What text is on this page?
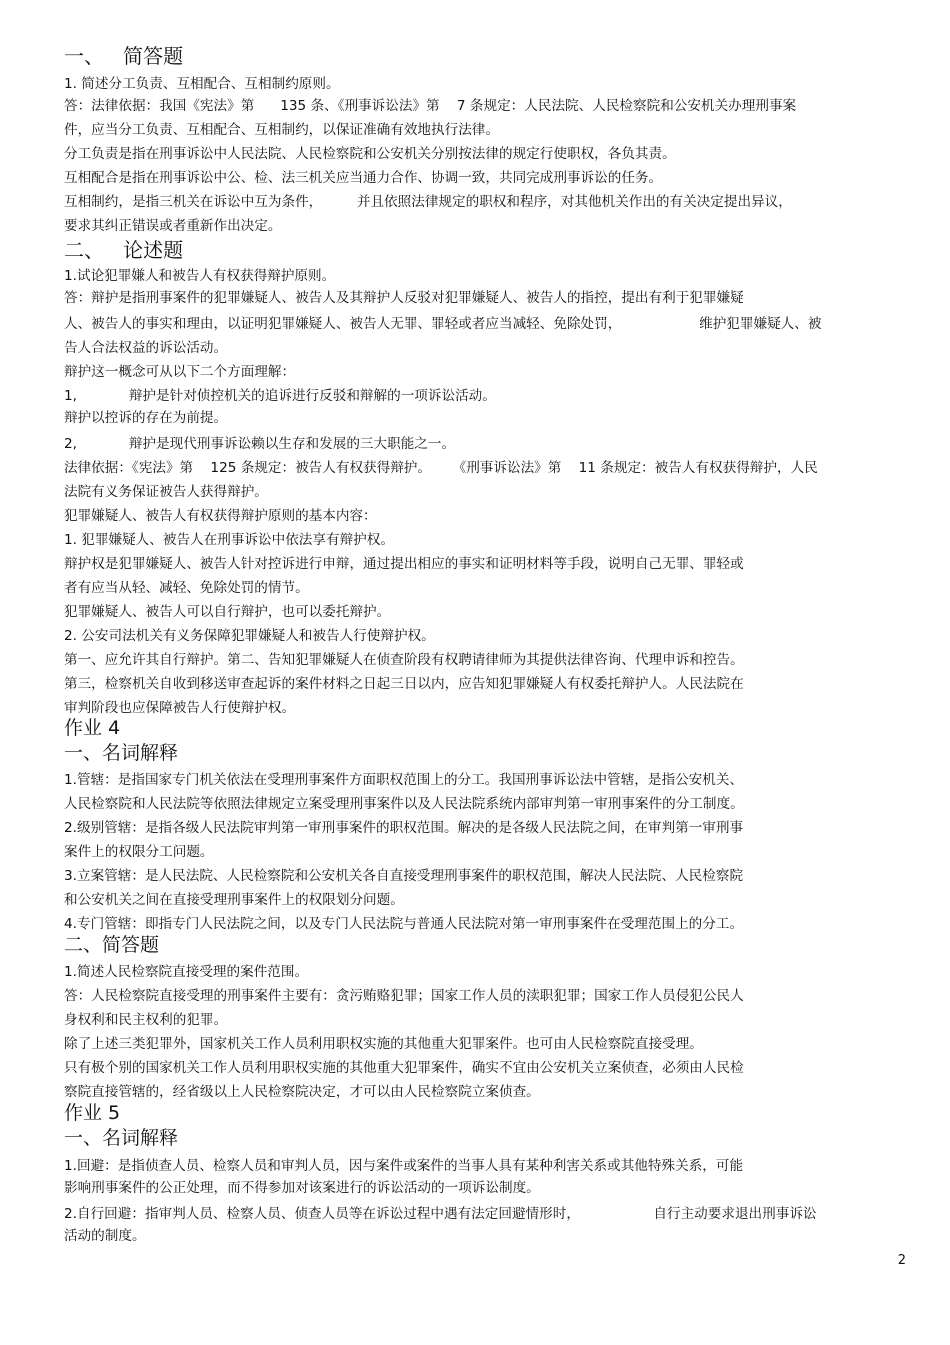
一、   简答题
1. 简述分工负责、互相配合、互相制约原则。
答：法律依据：我国《宪法》第      135 条、《刑事诉讼法》第    7 条规定：人民法院、人民检察院和公安机关办理刑事案
件，应当分工负责、互相配合、互相制约，以保证准确有效地执行法律。
分工负责是指在刑事诉讼中人民法院、人民检察院和公安机关分别按法律的规定行使职权，各负其责。
互相配合是指在刑事诉讼中公、检、法三机关应当通力合作、协调一致，共同完成刑事诉讼的任务。
互相制约，是指三机关在诉讼中互为条件，        并且依照法律规定的职权和程序，对其他机关作出的有关决定提出异议，
要求其纠正错误或者重新作出决定。
二、   论述题
1.试论犯罪嫌人和被告人有权获得辩护原则。
答：辩护是指刑事案件的犯罪嫌疑人、被告人及其辩护人反驳对犯罪嫌疑人、被告人的指控，提出有利于犯罪嫌疑
人、被告人的事实和理由，以证明犯罪嫌疑人、被告人无罪、罪轻或者应当减轻、免除处罚，                  维护犯罪嫌疑人、被
告人合法权益的诉讼活动。
辩护这一概念可从以下二个方面理解：
1,            辩护是针对侦控机关的追诉进行反驳和辩解的一项诉讼活动。
辩护以控诉的存在为前提。
2,            辩护是现代刑事诉讼赖以生存和发展的三大职能之一。
法律依据：《宪法》第    125 条规定：被告人有权获得辩护。     《刑事诉讼法》第    11 条规定：被告人有权获得辩护，人民
法院有义务保证被告人获得辩护。
犯罪嫌疑人、被告人有权获得辩护原则的基本内容：
1. 犯罪嫌疑人、被告人在刑事诉讼中依法享有辩护权。
辩护权是犯罪嫌疑人、被告人针对控诉进行申辩，通过提出相应的事实和证明材料等手段，说明自己无罪、罪轻或
者有应当从轻、减轻、免除处罚的情节。
犯罪嫌疑人、被告人可以自行辩护，也可以委托辩护。
2. 公安司法机关有义务保障犯罪嫌疑人和被告人行使辩护权。
第一、应允许其自行辩护。第二、告知犯罪嫌疑人在侦查阶段有权聘请律师为其提供法律咨询、代理申诉和控告。
第三，检察机关自收到移送审查起诉的案件材料之日起三日以内，应告知犯罪嫌疑人有权委托辩护人。人民法院在
审判阶段也应保障被告人行使辩护权。
作业 4
一、名词解释
1.管辖：是指国家专门机关依法在受理刑事案件方面职权范围上的分工。我国刑事诉讼法中管辖，是指公安机关、
人民检察院和人民法院等依照法律规定立案受理刑事案件以及人民法院系统内部审判第一审刑事案件的分工制度。
2.级别管辖：是指各级人民法院审判第一审刑事案件的职权范围。解决的是各级人民法院之间，在审判第一审刑事
案件上的权限分工问题。
3.立案管辖：是人民法院、人民检察院和公安机关各自直接受理刑事案件的职权范围，解决人民法院、人民检察院
和公安机关之间在直接受理刑事案件上的权限划分问题。
4.专门管辖：即指专门人民法院之间，以及专门人民法院与普通人民法院对第一审刑事案件在受理范围上的分工。
二、简答题
1.简述人民检察院直接受理的案件范围。
答：人民检察院直接受理的刑事案件主要有：贪污贿赂犯罪；国家工作人员的渎职犯罪；国家工作人员侵犯公民人
身权利和民主权利的犯罪。
除了上述三类犯罪外，国家机关工作人员利用职权实施的其他重大犯罪案件。也可由人民检察院直接受理。
只有极个别的国家机关工作人员利用职权实施的其他重大犯罪案件，确实不宜由公安机关立案侦查，必须由人民检
察院直接管辖的，经省级以上人民检察院决定，才可以由人民检察院立案侦查。
作业 5
一、名词解释
1.回避：是指侦查人员、检察人员和审判人员，因与案件或案件的当事人具有某种利害关系或其他特殊关系，可能
影响刑事案件的公正处理，而不得参加对该案进行的诉讼活动的一项诉讼制度。
2.自行回避：指审判人员、检察人员、侦查人员等在诉讼过程中遇有法定回避情形时，                 自行主动要求退出刑事诉讼
活动的制度。
2
